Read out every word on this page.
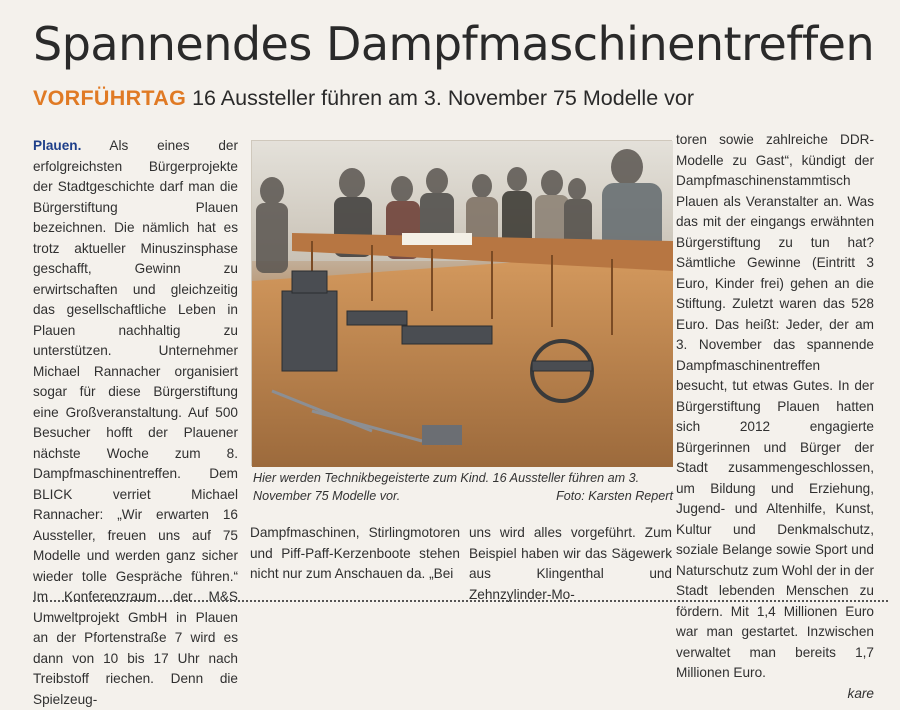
Spannendes Dampfmaschinentreffen
VORFÜHRTAG 16 Aussteller führen am 3. November 75 Modelle vor

Plauen. Als eines der erfolgreichsten Bürgerprojekte der Stadtgeschichte darf man die Bürgerstiftung Plauen bezeichnen. Die nämlich hat es trotz aktueller Minuszinsphase geschafft, Gewinn zu erwirtschaften und gleichzeitig das gesellschaftliche Leben in Plauen nachhaltig zu unterstützen. Unternehmer Michael Rannacher organisiert sogar für diese Bürgerstiftung eine Großveranstaltung. Auf 500 Besucher hofft der Plauener nächste Woche zum 8. Dampfmaschinentreffen. Dem BLICK verriet Michael Rannacher: „Wir erwarten 16 Aussteller, freuen uns auf 75 Modelle und werden ganz sicher wieder tolle Gespräche führen.“ Im Konferenzraum der M&S Umweltprojekt GmbH in Plauen an der Pfortenstraße 7 wird es dann von 10 bis 17 Uhr nach Treibstoff riechen. Denn die Spielzeug-

Hier werden Technikbegeisterte zum Kind. 16 Aussteller führen am 3. November 75 Modelle vor.	Foto: Karsten Repert

Dampfmaschinen, Stirlingmotoren und Piff-Paff-Kerzenboote stehen nicht nur zum Anschauen da. „Bei

uns wird alles vorgeführt. Zum Beispiel haben wir das Sägewerk aus Klingenthal und Zehnzylinder-Mo-

toren sowie zahlreiche DDR-Modelle zu Gast“, kündigt der Dampfmaschinenstammtisch Plauen als Veranstalter an. Was das mit der eingangs erwähnten Bürgerstiftung zu tun hat? Sämtliche Gewinne (Eintritt 3 Euro, Kinder frei) gehen an die Stiftung. Zuletzt waren das 528 Euro. Das heißt: Jeder, der am 3. November das spannende Dampfmaschinentreffen besucht, tut etwas Gutes. In der Bürgerstiftung Plauen hatten sich 2012 engagierte Bürgerinnen und Bürger der Stadt zusammengeschlossen, um Bildung und Erziehung, Jugend- und Altenhilfe, Kunst, Kultur und Denkmalschutz, soziale Belange sowie Sport und Naturschutz zum Wohl der in der Stadt lebenden Menschen zu fördern. Mit 1,4 Millionen Euro war man gestartet. Inzwischen verwaltet man bereits 1,7 Millionen Euro.

kare
